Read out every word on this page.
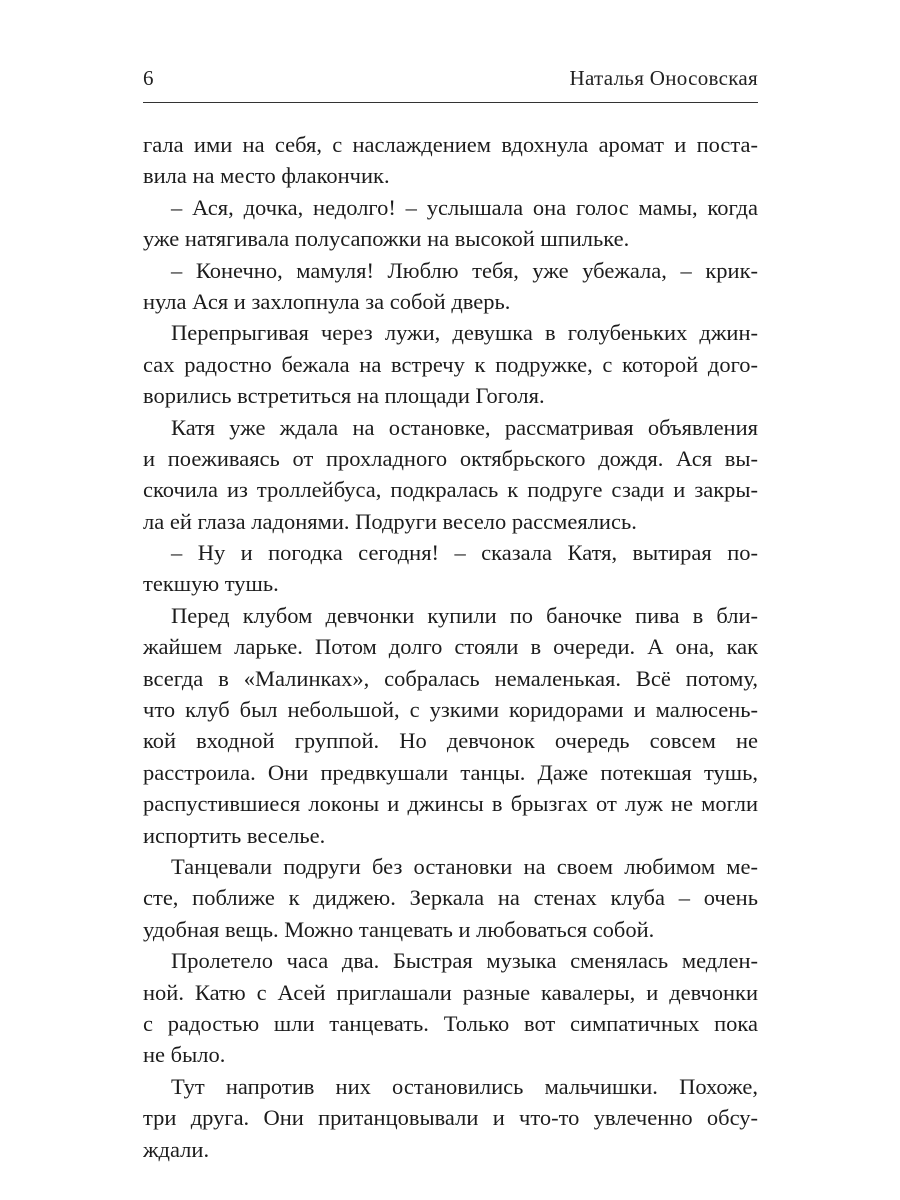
6	Наталья Оносовская
гала ими на себя, с наслаждением вдохнула аромат и поста-
вила на место флакончик.
– Ася, дочка, недолго! – услышала она голос мамы, когда
уже натягивала полусапожки на высокой шпильке.
– Конечно, мамуля! Люблю тебя, уже убежала, – крик-
нула Ася и захлопнула за собой дверь.
Перепрыгивая через лужи, девушка в голубеньких джин-
сах радостно бежала на встречу к подружке, с которой дого-
ворились встретиться на площади Гоголя.
Катя уже ждала на остановке, рассматривая объявления
и поеживаясь от прохладного октябрьского дождя. Ася вы-
скочила из троллейбуса, подкралась к подруге сзади и закры-
ла ей глаза ладонями. Подруги весело рассмеялись.
– Ну и погодка сегодня! – сказала Катя, вытирая по-
текшую тушь.
Перед клубом девчонки купили по баночке пива в бли-
жайшем ларьке. Потом долго стояли в очереди. А она, как
всегда в «Малинках», собралась немаленькая. Всё потому,
что клуб был небольшой, с узкими коридорами и малюсень-
кой входной группой. Но девчонок очередь совсем не
расстроила. Они предвкушали танцы. Даже потекшая тушь,
распустившиеся локоны и джинсы в брызгах от луж не могли
испортить веселье.
Танцевали подруги без остановки на своем любимом ме-
сте, поближе к диджею. Зеркала на стенах клуба – очень
удобная вещь. Можно танцевать и любоваться собой.
Пролетело часа два. Быстрая музыка сменялась медлен-
ной. Катю с Асей приглашали разные кавалеры, и девчонки
с радостью шли танцевать. Только вот симпатичных пока
не было.
Тут напротив них остановились мальчишки. Похоже,
три друга. Они пританцовывали и что-то увлеченно обсу-
ждали.
